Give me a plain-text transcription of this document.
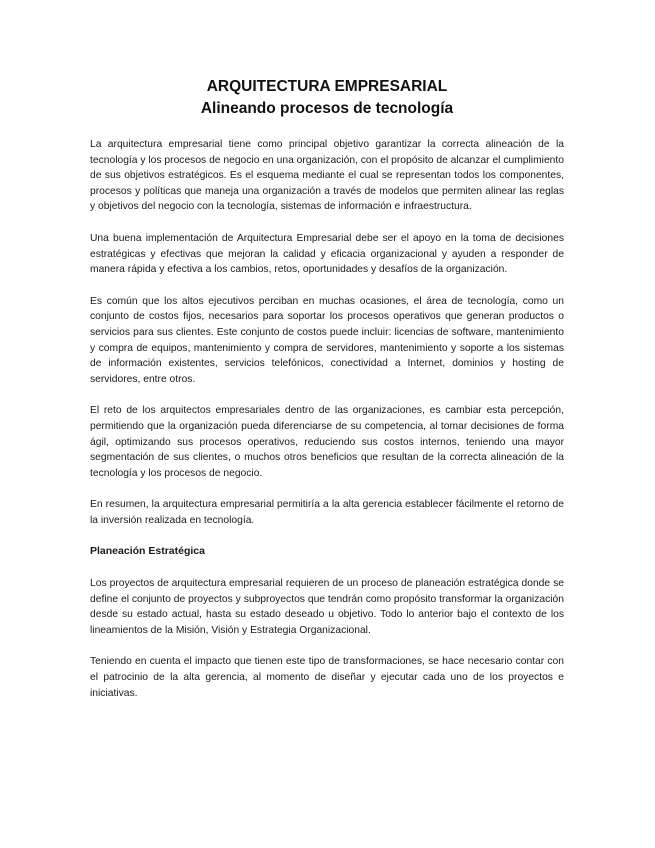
ARQUITECTURA EMPRESARIAL
Alineando procesos de tecnología

La arquitectura empresarial tiene como principal objetivo garantizar la correcta alineación de la tecnología y los procesos de negocio en una organización, con el propósito de alcanzar el cumplimiento de sus objetivos estratégicos. Es el esquema mediante el cual se representan todos los componentes, procesos y políticas que maneja una organización a través de modelos que permiten alinear las reglas y objetivos del negocio con la tecnología, sistemas de información e infraestructura.

Una buena implementación de Arquitectura Empresarial debe ser el apoyo en la toma de decisiones estratégicas y efectivas que mejoran la calidad y eficacia organizacional y ayuden a responder de manera rápida y efectiva a los cambios, retos, oportunidades y desafíos de la organización.

Es común que los altos ejecutivos perciban en muchas ocasiones, el área de tecnología, como un conjunto de costos fijos, necesarios para soportar los procesos operativos que generan productos o servicios para sus clientes. Este conjunto de costos puede incluir: licencias de software, mantenimiento y compra de equipos, mantenimiento y compra de servidores, mantenimiento y soporte a los sistemas de información existentes, servicios telefónicos, conectividad a Internet, dominios y hosting de servidores, entre otros.

El reto de los arquitectos empresariales dentro de las organizaciones, es cambiar esta percepción, permitiendo que la organización pueda diferenciarse de su competencia, al tomar decisiones de forma ágil, optimizando sus procesos operativos, reduciendo sus costos internos, teniendo una mayor segmentación de sus clientes, o muchos otros beneficios que resultan de la correcta alineación de la tecnología y los procesos de negocio.

En resumen, la arquitectura empresarial permitiría a la alta gerencia establecer fácilmente el retorno de la inversión realizada en tecnología.

Planeación Estratégica

Los proyectos de arquitectura empresarial requieren de un proceso de planeación estratégica donde se define el conjunto de proyectos y subproyectos que tendrán como propósito transformar la organización desde su estado actual, hasta su estado deseado u objetivo. Todo lo anterior bajo el contexto de los lineamientos de la Misión, Visión y Estrategia Organizacional.

Teniendo en cuenta el impacto que tienen este tipo de transformaciones, se hace necesario contar con el patrocinio de la alta gerencia, al momento de diseñar y ejecutar cada uno de los proyectos e iniciativas.
